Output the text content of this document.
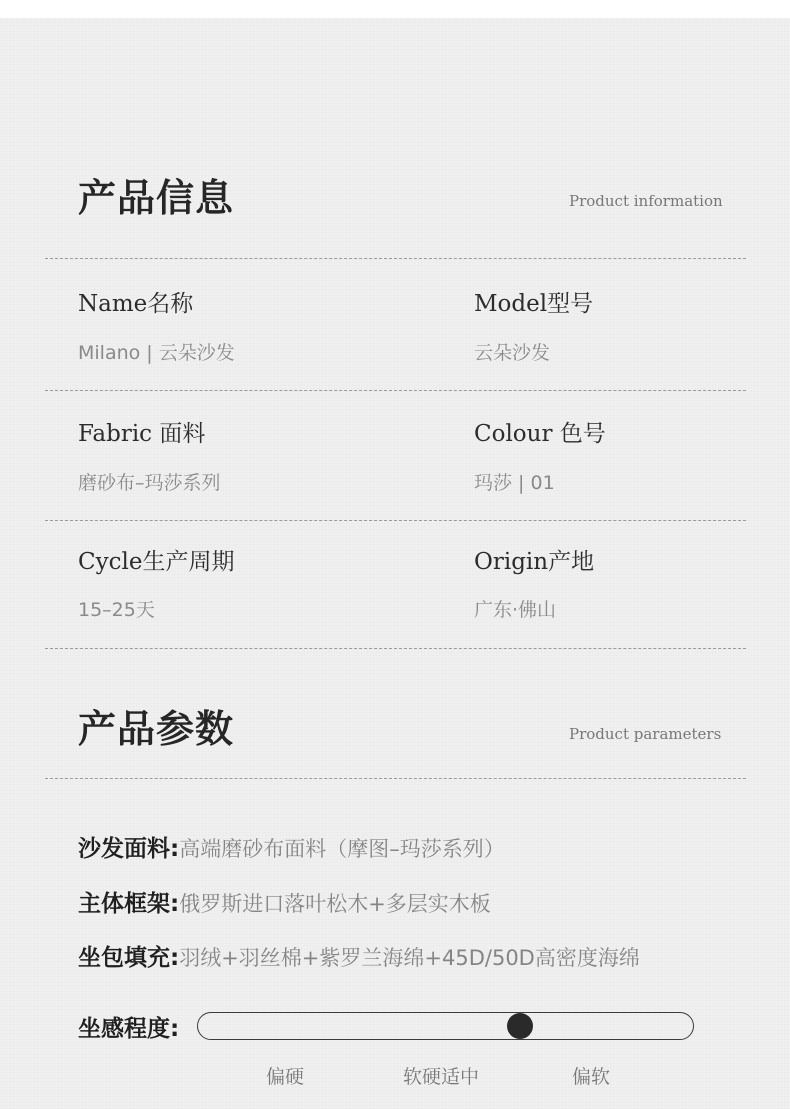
产品信息	Product information
Name名称
Milano | 云朵沙发
Model型号
云朵沙发
Fabric 面料
磨砂布–玛莎系列
Colour 色号
玛莎 | 01
Cycle生产周期
15–25天
Origin产地
广东·佛山
产品参数	Product parameters
沙发面料:高端磨砂布面料（摩图–玛莎系列）
主体框架:俄罗斯进口落叶松木+多层实木板
坐包填充:羽绒+羽丝棉+紫罗兰海绵+45D/50D高密度海绵
坐感程度:
偏硬	软硬适中	偏软
